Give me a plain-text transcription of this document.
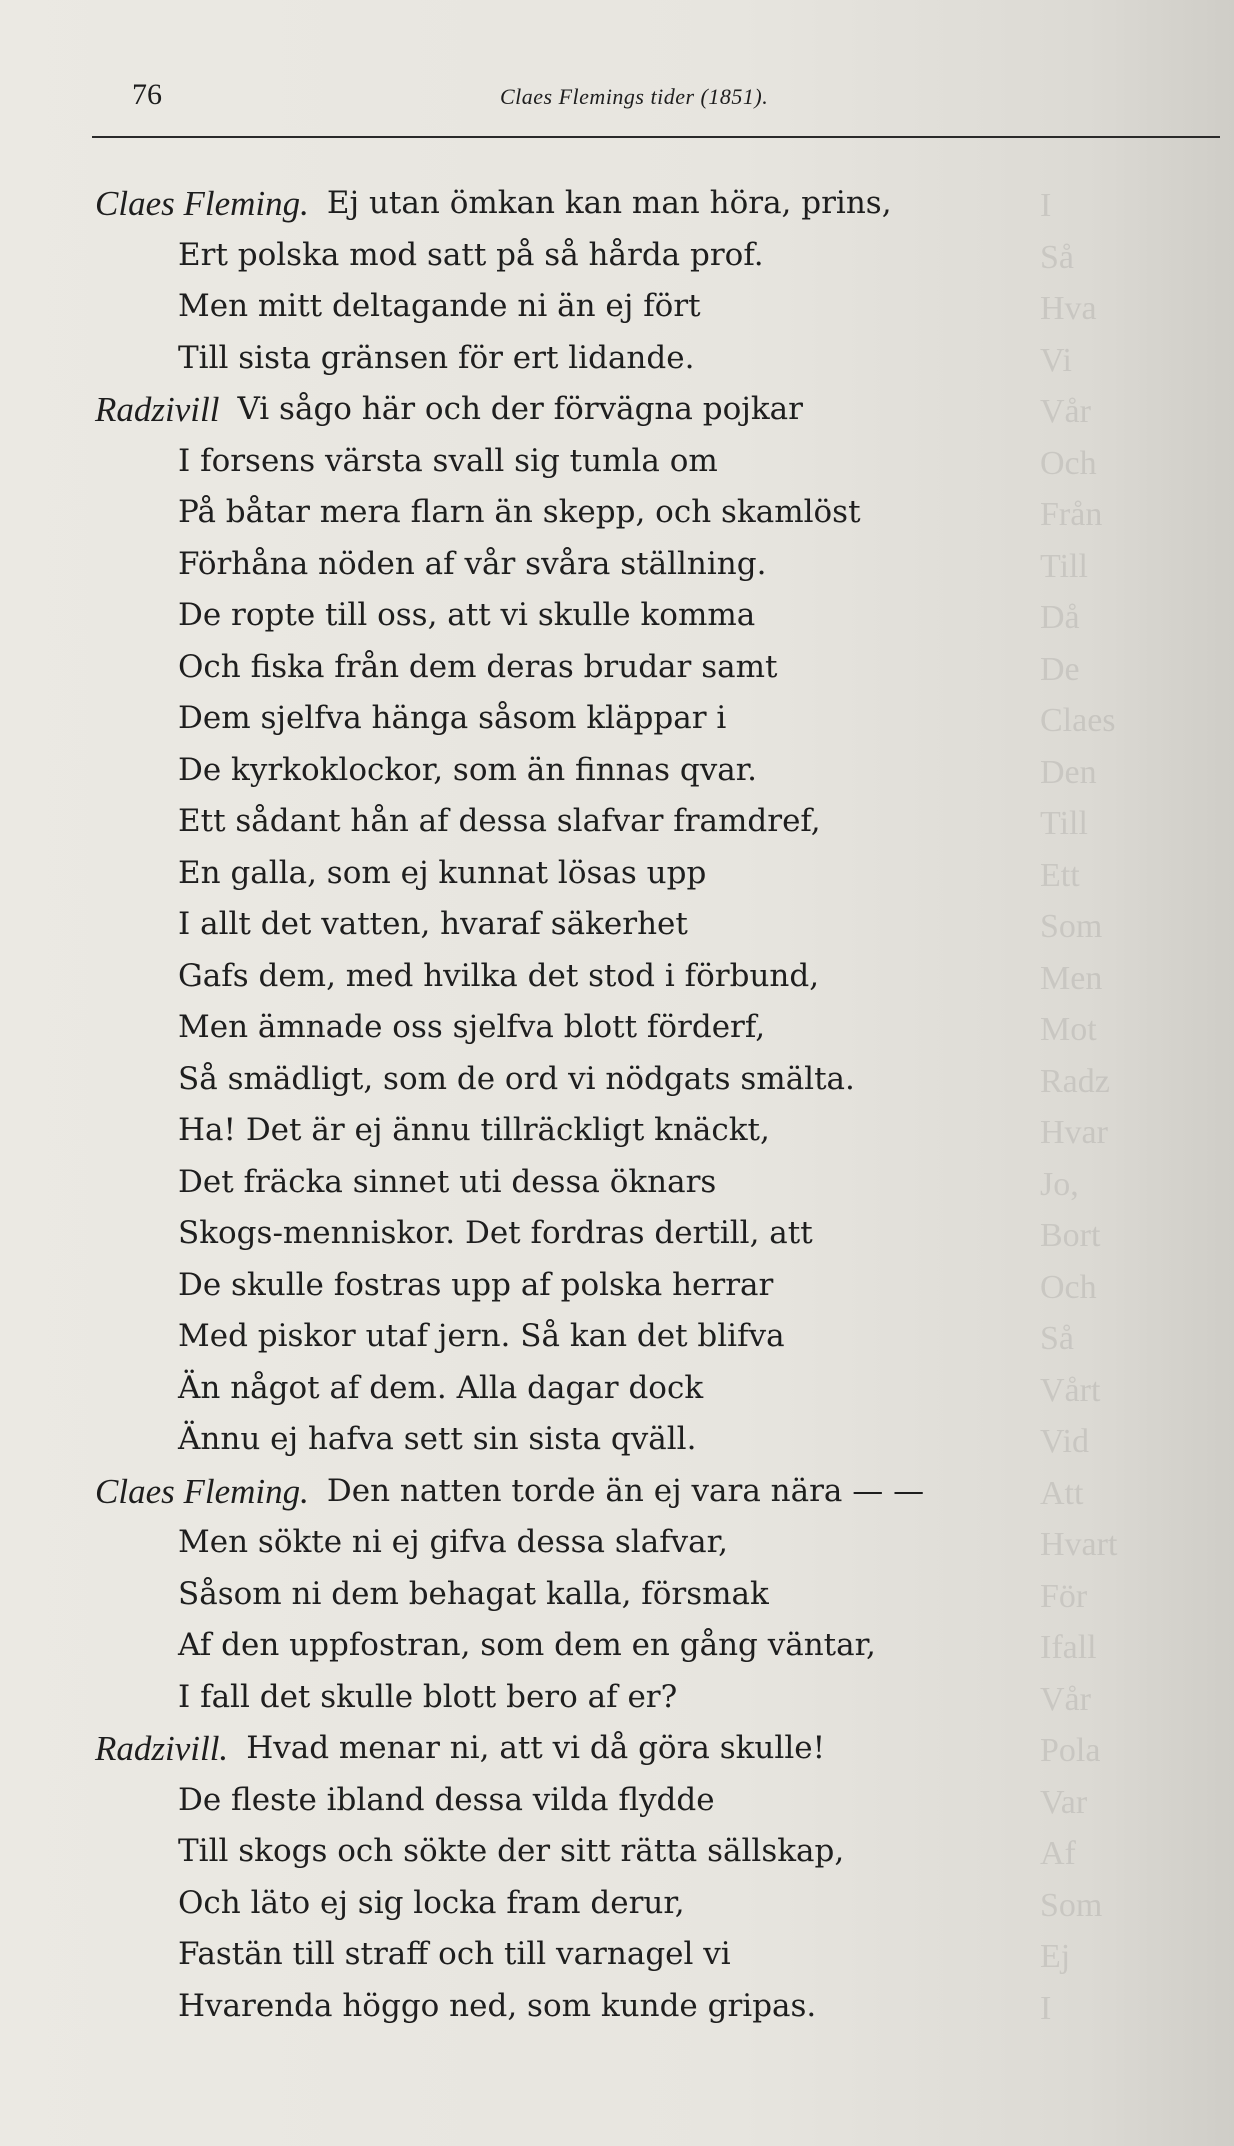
I
Så
Hva
Vi
Vår
Och
Från
Till
Då
De
Claes
Den
Till
Ett
Som
Men
Mot
Radz
Hvar
Jo,
Bort
Och
Så
Vårt
Vid
Att
Hvart
För
Ifall
Vår
Pola
Var
Af
Som
Ej
I
76	Claes Flemings tider (1851).
Claes Fleming. Ej utan ömkan kan man höra, prins,
Ert polska mod satt på så hårda prof.
Men mitt deltagande ni än ej fört
Till sista gränsen för ert lidande.
Radzivill Vi sågo här och der förvägna pojkar
I forsens värsta svall sig tumla om
På båtar mera flarn än skepp, och skamlöst
Förhåna nöden af vår svåra ställning.
De ropte till oss, att vi skulle komma
Och fiska från dem deras brudar samt
Dem sjelfva hänga såsom kläppar i
De kyrkoklockor, som än finnas qvar.
Ett sådant hån af dessa slafvar framdref,
En galla, som ej kunnat lösas upp
I allt det vatten, hvaraf säkerhet
Gafs dem, med hvilka det stod i förbund,
Men ämnade oss sjelfva blott förderf,
Så smädligt, som de ord vi nödgats smälta.
Ha! Det är ej ännu tillräckligt knäckt,
Det fräcka sinnet uti dessa öknars
Skogs-menniskor. Det fordras dertill, att
De skulle fostras upp af polska herrar
Med piskor utaf jern. Så kan det blifva
Än något af dem. Alla dagar dock
Ännu ej hafva sett sin sista qväll.
Claes Fleming. Den natten torde än ej vara nära — —
Men sökte ni ej gifva dessa slafvar,
Såsom ni dem behagat kalla, försmak
Af den uppfostran, som dem en gång väntar,
I fall det skulle blott bero af er?
Radzivill. Hvad menar ni, att vi då göra skulle!
De fleste ibland dessa vilda flydde
Till skogs och sökte der sitt rätta sällskap,
Och läto ej sig locka fram derur,
Fastän till straff och till varnagel vi
Hvarenda höggo ned, som kunde gripas.
